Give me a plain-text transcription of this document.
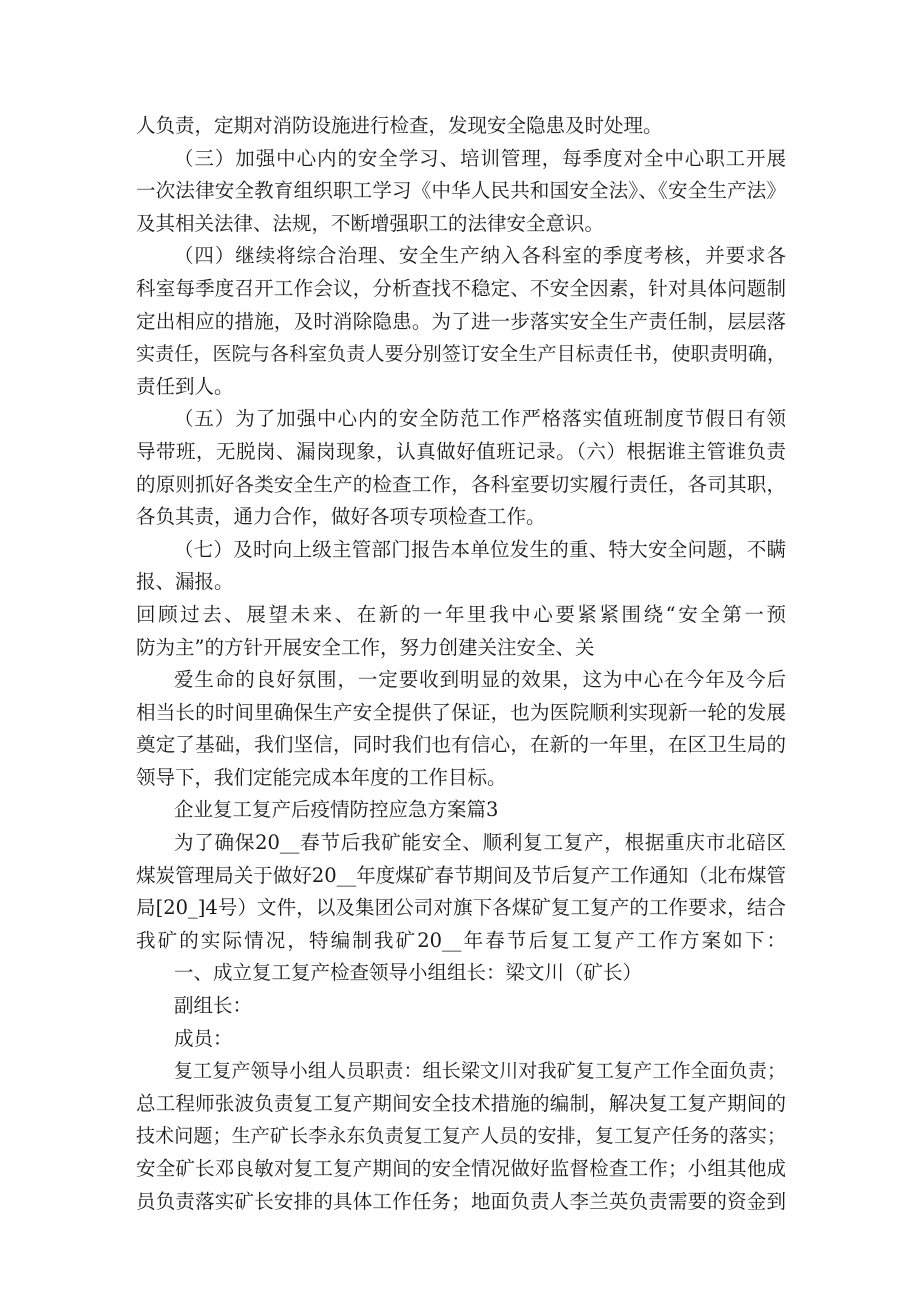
人负责，定期对消防设施进行检查，发现安全隐患及时处理。
（三）加强中心内的安全学习、培训管理，每季度对全中心职工开展
一次法律安全教育组织职工学习《中华人民共和国安全法》、《安全生产法》
及其相关法律、法规，不断增强职工的法律安全意识。
（四）继续将综合治理、安全生产纳入各科室的季度考核，并要求各
科室每季度召开工作会议，分析查找不稳定、不安全因素，针对具体问题制
定出相应的措施，及时消除隐患。为了进一步落实安全生产责任制，层层落
实责任，医院与各科室负责人要分别签订安全生产目标责任书，使职责明确，
责任到人。
（五）为了加强中心内的安全防范工作严格落实值班制度节假日有领
导带班，无脱岗、漏岗现象，认真做好值班记录。（六）根据谁主管谁负责
的原则抓好各类安全生产的检查工作，各科室要切实履行责任，各司其职，
各负其责，通力合作，做好各项专项检查工作。
（七）及时向上级主管部门报告本单位发生的重、特大安全问题，不瞒
报、漏报。
回顾过去、展望未来、在新的一年里我中心要紧紧围绕“安全第一预
防为主”的方针开展安全工作，努力创建关注安全、关
爱生命的良好氛围，一定要收到明显的效果，这为中心在今年及今后
相当长的时间里确保生产安全提供了保证，也为医院顺利实现新一轮的发展
奠定了基础，我们坚信，同时我们也有信心，在新的一年里，在区卫生局的
领导下，我们定能完成本年度的工作目标。
企业复工复产后疫情防控应急方案篇3
为了确保20__春节后我矿能安全、顺利复工复产，根据重庆市北碚区
煤炭管理局关于做好20__年度煤矿春节期间及节后复产工作通知（北布煤管
局[20_]4号）文件，以及集团公司对旗下各煤矿复工复产的工作要求，结合
我矿的实际情况，特编制我矿20__年春节后复工复产工作方案如下：
一、成立复工复产检查领导小组组长：梁文川（矿长）
副组长：
成员：
复工复产领导小组人员职责：组长梁文川对我矿复工复产工作全面负责；
总工程师张波负责复工复产期间安全技术措施的编制，解决复工复产期间的
技术问题；生产矿长李永东负责复工复产人员的安排，复工复产任务的落实；
安全矿长邓良敏对复工复产期间的安全情况做好监督检查工作；小组其他成
员负责落实矿长安排的具体工作任务；地面负责人李兰英负责需要的资金到
